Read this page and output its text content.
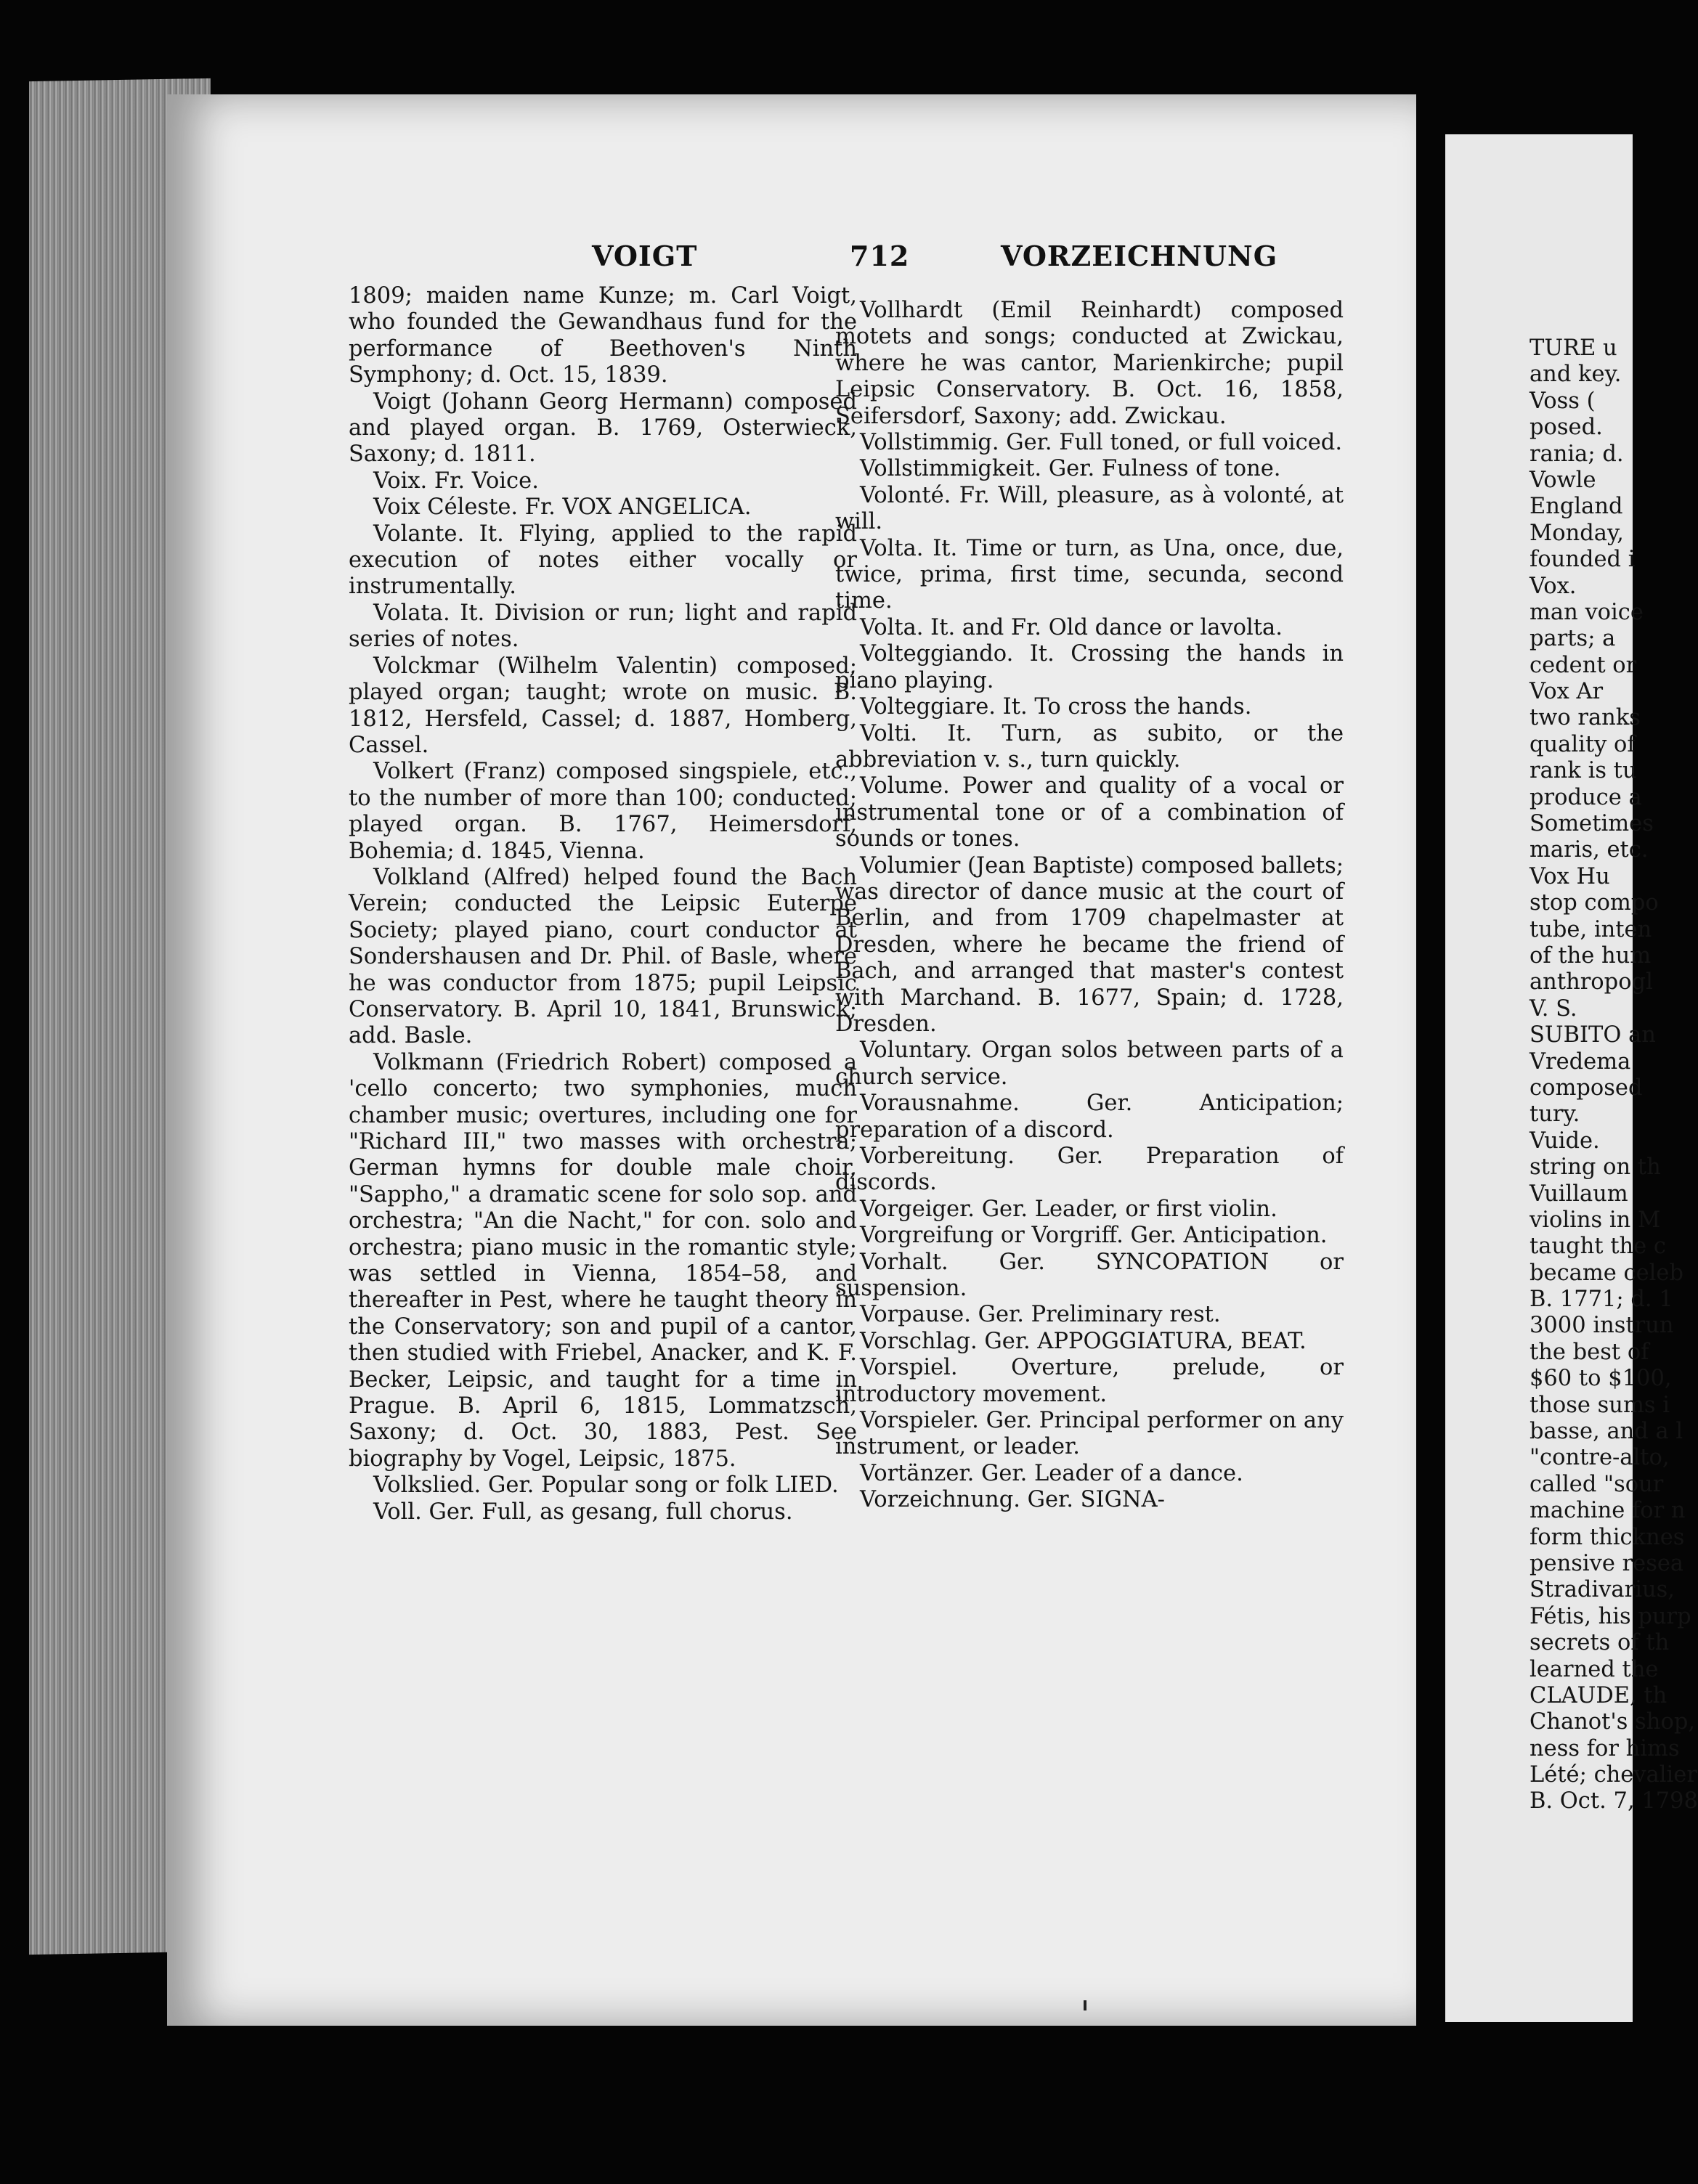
VOIGT	712	VORZEICHNUNG

1809; maiden name Kunze; m. Carl Voigt, who founded the Gewandhaus fund for the performance of Beethoven's Ninth Symphony; d. Oct. 15, 1839.

Voigt (Johann Georg Hermann) composed and played organ. B. 1769, Osterwieck, Saxony; d. 1811.

Voix. Fr. Voice.

Voix Céleste. Fr. VOX ANGELICA.

Volante. It. Flying, applied to the rapid execution of notes either vocally or instrumentally.

Volata. It. Division or run; light and rapid series of notes.

Volckmar (Wilhelm Valentin) composed; played organ; taught; wrote on music. B. 1812, Hersfeld, Cassel; d. 1887, Homberg, Cassel.

Volkert (Franz) composed singspiele, etc., to the number of more than 100; conducted; played organ. B. 1767, Heimersdorf, Bohemia; d. 1845, Vienna.

Volkland (Alfred) helped found the Bach Verein; conducted the Leipsic Euterpe Society; played piano, court conductor at Sondershausen and Dr. Phil. of Basle, where he was conductor from 1875; pupil Leipsic Conservatory. B. April 10, 1841, Brunswick; add. Basle.

Volkmann (Friedrich Robert) composed a 'cello concerto; two symphonies, much chamber music; overtures, including one for "Richard III," two masses with orchestra; German hymns for double male choir, "Sappho," a dramatic scene for solo sop. and orchestra; "An die Nacht," for con. solo and orchestra; piano music in the romantic style; was settled in Vienna, 1854–58, and thereafter in Pest, where he taught theory in the Conservatory; son and pupil of a cantor, then studied with Friebel, Anacker, and K. F. Becker, Leipsic, and taught for a time in Prague. B. April 6, 1815, Lommatzsch, Saxony; d. Oct. 30, 1883, Pest. See biography by Vogel, Leipsic, 1875.

Volkslied. Ger. Popular song or folk LIED.

Voll. Ger. Full, as gesang, full chorus.

Vollhardt (Emil Reinhardt) composed motets and songs; conducted at Zwickau, where he was cantor, Marienkirche; pupil Leipsic Conservatory. B. Oct. 16, 1858, Seifersdorf, Saxony; add. Zwickau.

Vollstimmig. Ger. Full toned, or full voiced.

Vollstimmigkeit. Ger. Fulness of tone.

Volonté. Fr. Will, pleasure, as à volonté, at will.

Volta. It. Time or turn, as Una, once, due, twice, prima, first time, secunda, second time.

Volta. It. and Fr. Old dance or lavolta.

Volteggiando. It. Crossing the hands in piano playing.

Volteggiare. It. To cross the hands.

Volti. It. Turn, as subito, or the abbreviation v. s., turn quickly.

Volume. Power and quality of a vocal or instrumental tone or of a combination of sounds or tones.

Volumier (Jean Baptiste) composed ballets; was director of dance music at the court of Berlin, and from 1709 chapelmaster at Dresden, where he became the friend of Bach, and arranged that master's contest with Marchand. B. 1677, Spain; d. 1728, Dresden.

Voluntary. Organ solos between parts of a church service.

Vorausnahme. Ger. Anticipation; preparation of a discord.

Vorbereitung. Ger. Preparation of discords.

Vorgeiger. Ger. Leader, or first violin.

Vorgreifung or Vorgriff. Ger. Anticipation.

Vorhalt. Ger. SYNCOPATION or suspension.

Vorpause. Ger. Preliminary rest.

Vorschlag. Ger. APPOGGIATURA, BEAT.

Vorspiel. Overture, prelude, or introductory movement.

Vorspieler. Ger. Principal performer on any instrument, or leader.

Vortänzer. Ger. Leader of a dance.

Vorzeichnung. Ger. SIGNA-

TURE u
and key.
Voss (
posed.
rania; d.
Vowle
England
Monday,
founded i
Vox.
man voice
parts; a
cedent or
Vox Ar
two ranks
quality of
rank is tu
produce a
Sometimes
maris, etc.
Vox Hu
stop compo
tube, inten
of the hum
anthropogl
V. S.
SUBITO an
Vredema
composed
tury.
Vuide.
string on th
Vuillaum
violins in M
taught the c
became celeb
B. 1771; d. 1
3000 instrun
the best of
$60 to $100,
those sums i
basse, and a l
"contre-alto,
called "sour
machine for n
form thicknes
pensive resea
Stradivarius,
Fétis, his purp
secrets of th
learned the
CLAUDE, th
Chanot's shop,
ness for hims
Lété; chevalier
B. Oct. 7, 1798
